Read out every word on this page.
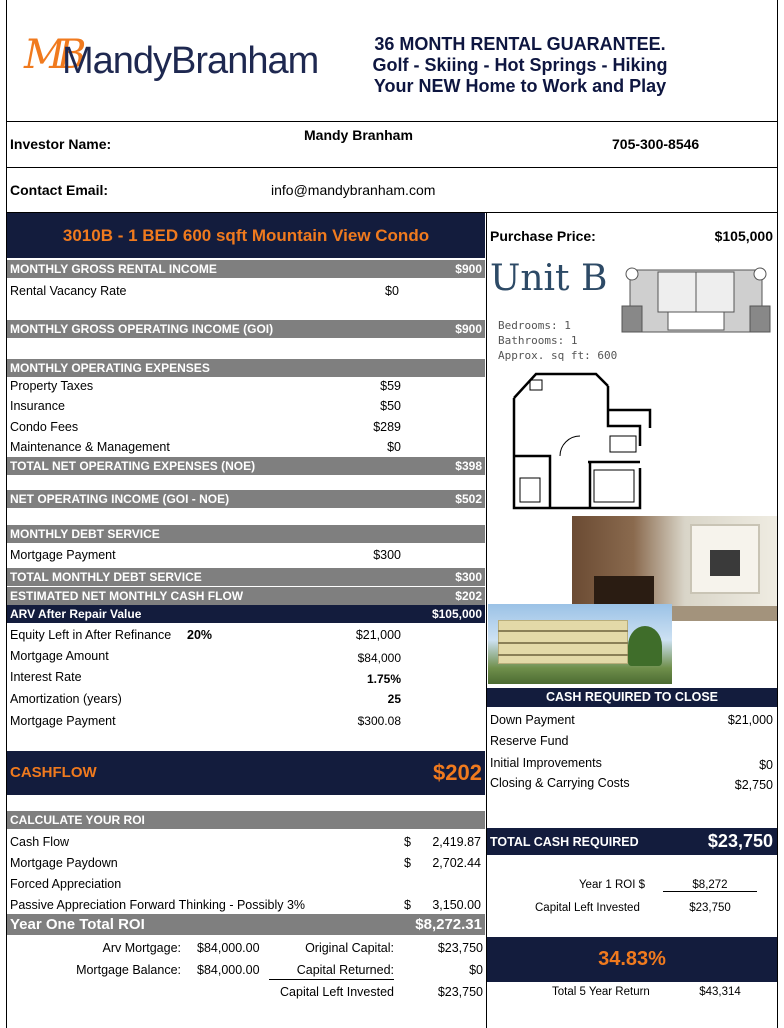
MB
MandyBranham	36 MONTH RENTAL GUARANTEE.
Golf - Skiing - Hot Springs - Hiking
Your NEW Home to Work and Play
Investor Name:
Mandy Branham
705-300-8546
Contact Email:	info@mandybranham.com
3010B - 1 BED 600 sqft Mountain View Condo	Purchase Price:	$105,000
MONTHLY GROSS RENTAL INCOME	$900
Rental Vacancy Rate	$0
MONTHLY GROSS OPERATING INCOME (GOI)	$900
MONTHLY OPERATING EXPENSES
Property Taxes	$59
Insurance	$50
Condo Fees	$289
Maintenance & Management	$0
TOTAL NET OPERATING EXPENSES (NOE)	$398
NET OPERATING INCOME (GOI - NOE)	$502
MONTHLY DEBT SERVICE
Mortgage Payment	$300
TOTAL MONTHLY DEBT SERVICE	$300
ESTIMATED NET MONTHLY CASH FLOW	$202
ARV After Repair Value	$105,000
Equity Left in After Refinance 20%	$21,000
Mortgage Amount	$84,000
Interest Rate	1.75%
Amortization (years)	25
Mortgage Payment	$300.08
CASHFLOW	$202
CALCULATE YOUR ROI
Cash Flow	$	2,419.87
Mortgage Paydown	$	2,702.44
Forced Appreciation
Passive Appreciation Forward Thinking - Possibly 3%	$	3,150.00
Year One Total ROI	$8,272.31
Arv Mortgage: $84,000.00	Original Capital:	$23,750
Mortgage Balance: $84,000.00	Capital Returned:	$0
Capital Left Invested	$23,750
Unit B
Bedrooms: 1
Bathrooms: 1
Approx. sq ft: 600
CASH REQUIRED TO CLOSE
Down Payment	$21,000
Reserve Fund
Initial Improvements	$0
Closing & Carrying Costs	$2,750
TOTAL CASH REQUIRED	$23,750
Year 1 ROI $	$8,272
Capital Left Invested	$23,750
34.83%
Total 5 Year Return	$43,314
